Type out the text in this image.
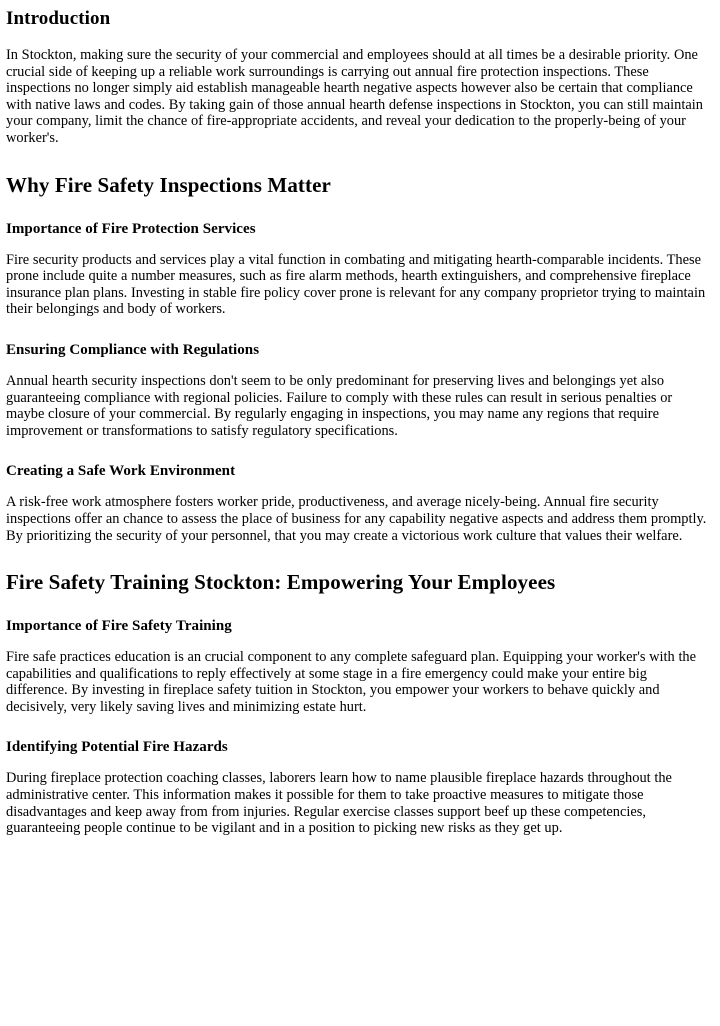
Introduction

In Stockton, making sure the security of your commercial and employees should at all times be a desirable priority. One crucial side of keeping up a reliable work surroundings is carrying out annual fire protection inspections. These inspections no longer simply aid establish manageable hearth negative aspects however also be certain that compliance with native laws and codes. By taking gain of those annual hearth defense inspections in Stockton, you can still maintain your company, limit the chance of fire-appropriate accidents, and reveal your dedication to the properly-being of your worker's.

Why Fire Safety Inspections Matter
Importance of Fire Protection Services

Fire security products and services play a vital function in combating and mitigating hearth-comparable incidents. These prone include quite a number measures, such as fire alarm methods, hearth extinguishers, and comprehensive fireplace insurance plan plans. Investing in stable fire policy cover prone is relevant for any company proprietor trying to maintain their belongings and body of workers.

Ensuring Compliance with Regulations

Annual hearth security inspections don't seem to be only predominant for preserving lives and belongings yet also guaranteeing compliance with regional policies. Failure to comply with these rules can result in serious penalties or maybe closure of your commercial. By regularly engaging in inspections, you may name any regions that require improvement or transformations to satisfy regulatory specifications.

Creating a Safe Work Environment

A risk-free work atmosphere fosters worker pride, productiveness, and average nicely-being. Annual fire security inspections offer an chance to assess the place of business for any capability negative aspects and address them promptly. By prioritizing the security of your personnel, that you may create a victorious work culture that values their welfare.

Fire Safety Training Stockton: Empowering Your Employees
Importance of Fire Safety Training

Fire safe practices education is an crucial component to any complete safeguard plan. Equipping your worker's with the capabilities and qualifications to reply effectively at some stage in a fire emergency could make your entire big difference. By investing in fireplace safety tuition in Stockton, you empower your workers to behave quickly and decisively, very likely saving lives and minimizing estate hurt.

Identifying Potential Fire Hazards

During fireplace protection coaching classes, laborers learn how to name plausible fireplace hazards throughout the administrative center. This information makes it possible for them to take proactive measures to mitigate those disadvantages and keep away from from injuries. Regular exercise classes support beef up these competencies, guaranteeing people continue to be vigilant and in a position to picking new risks as they get up.
